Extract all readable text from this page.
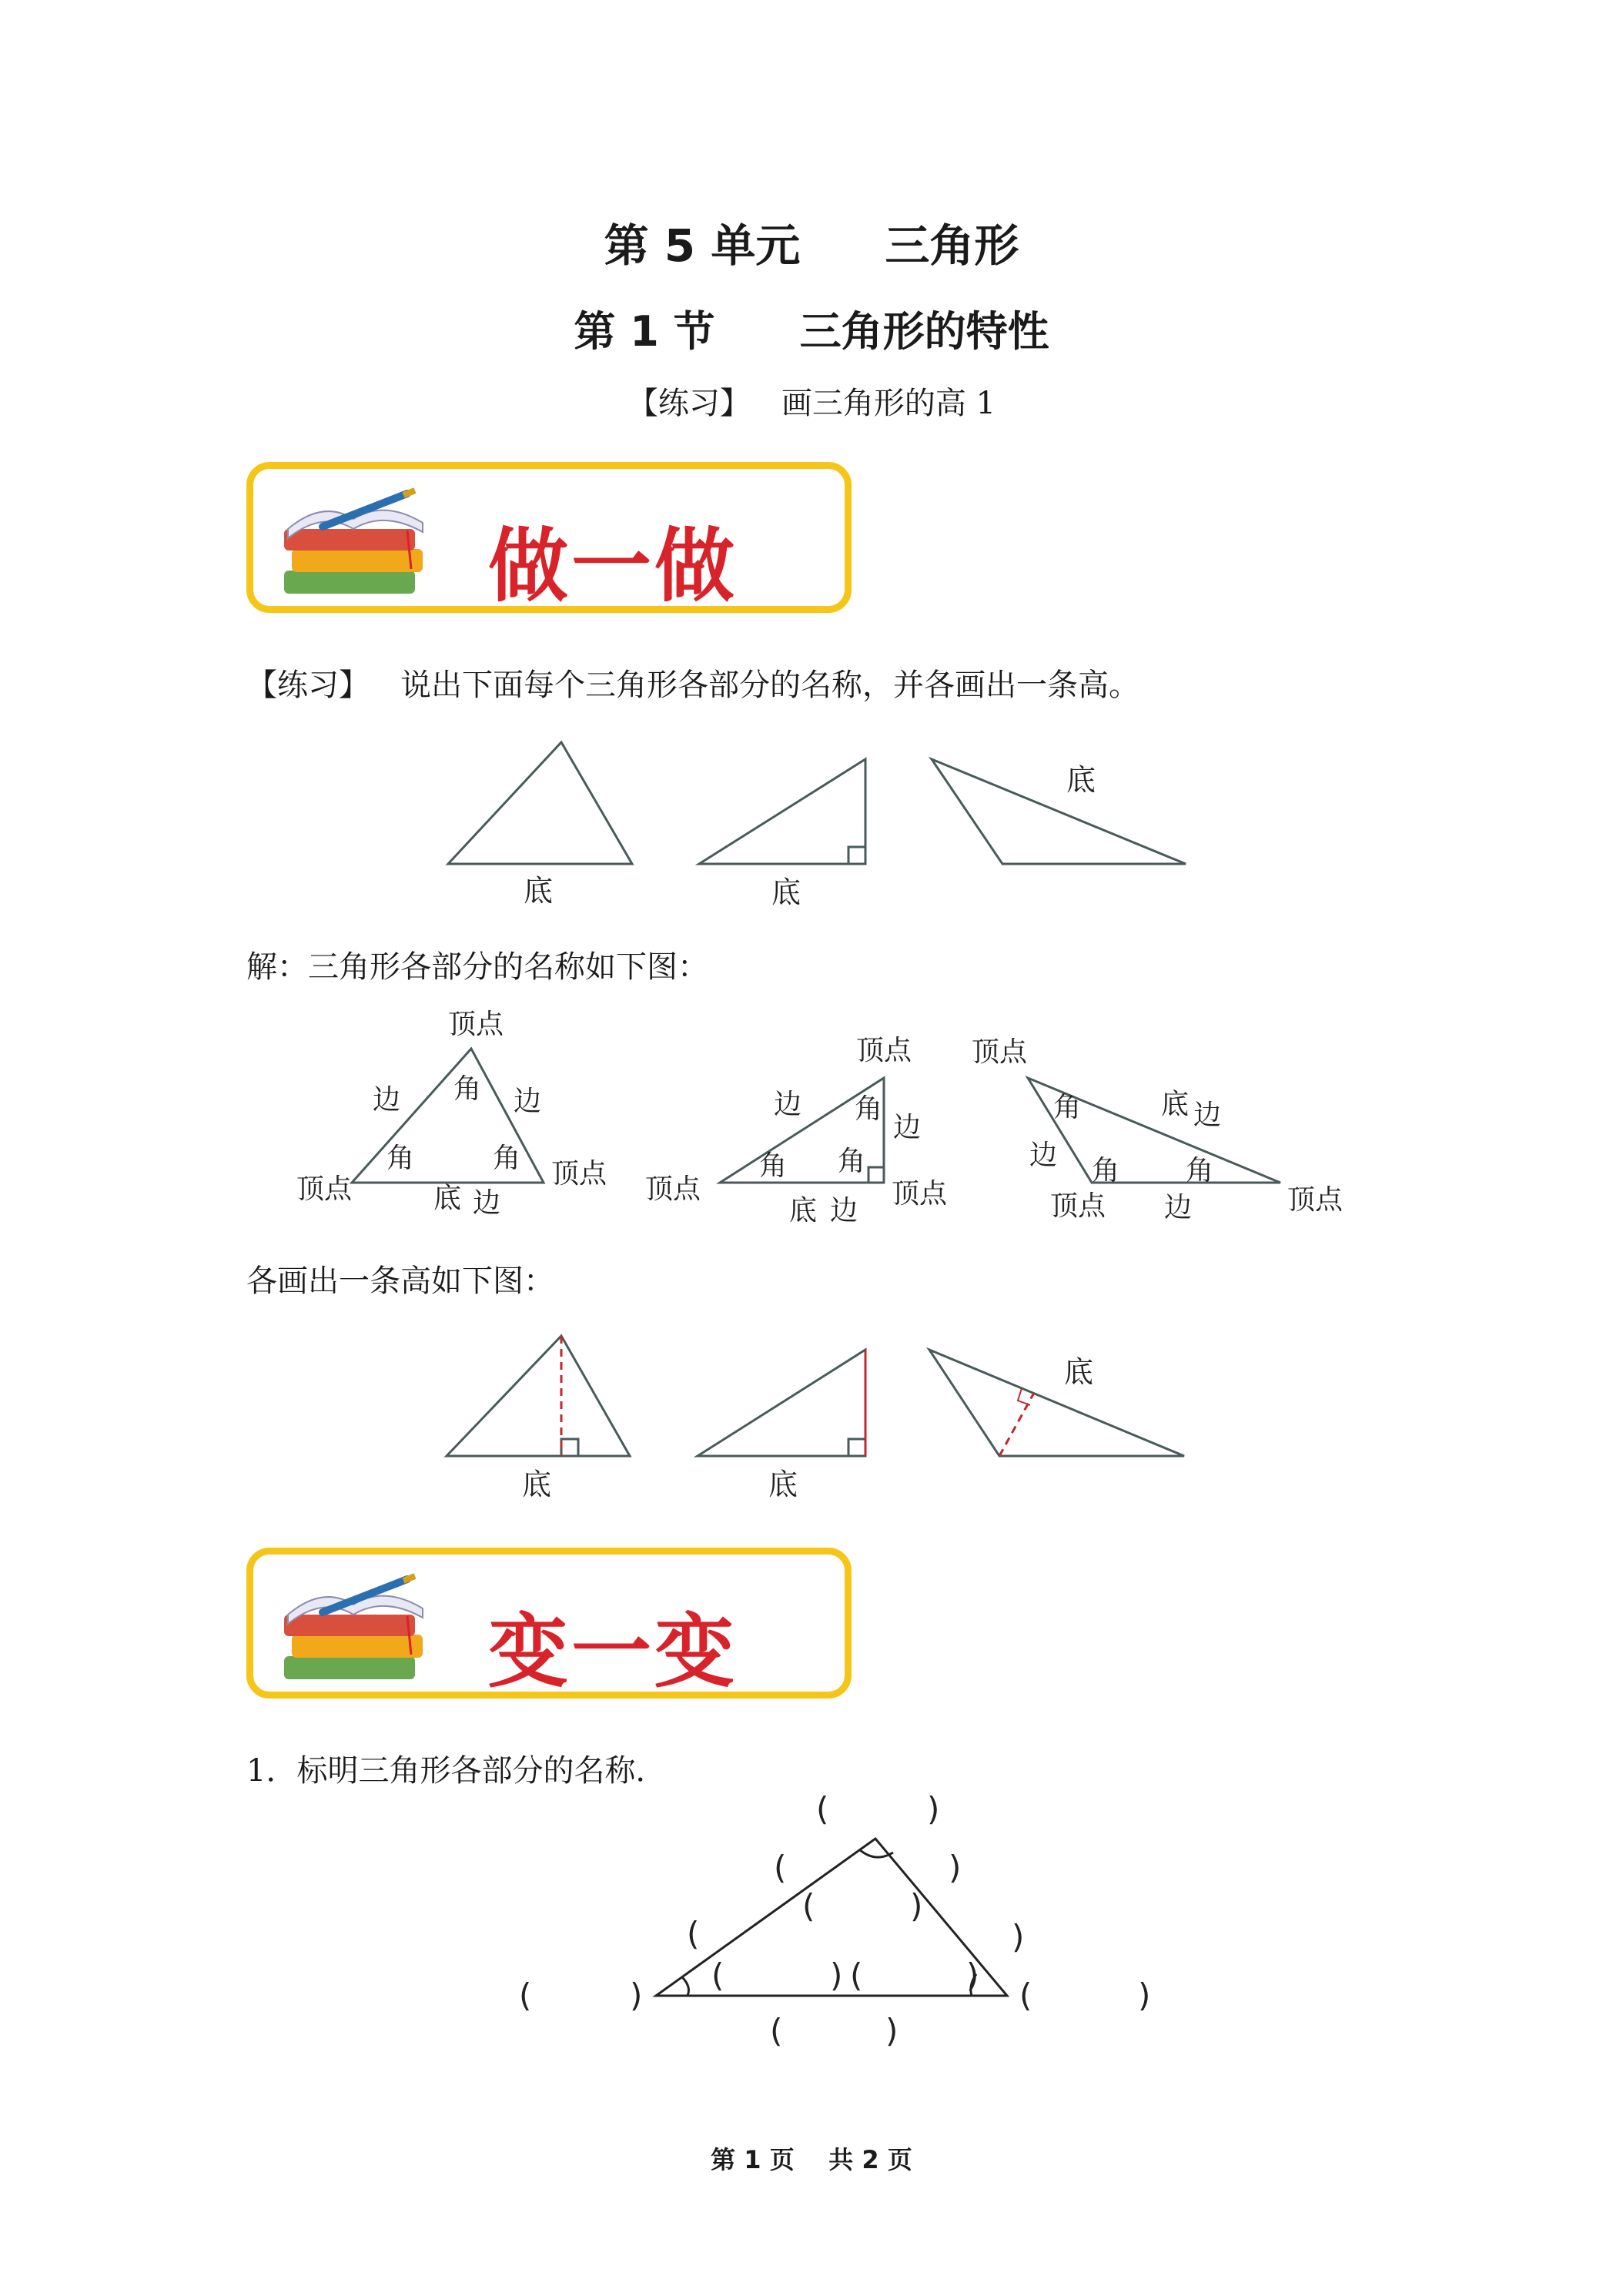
第 5 单元 三角形
第 1 节 三角形的特性
【练习】 画三角形的高 1
做一做
【练习】 说出下面每个三角形各部分的名称，并各画出一条高。
底	底
底
解：三角形各部分的名称如下图：
顶点
角
边	边
角	角
顶点	顶点
底 边
顶点
边 角
边
角 角
顶点	顶点
底 边
顶点
角	底 边
边 角 角
顶点 边	顶点
各画出一条高如下图：
底	底
底
变一变
1．标明三角形各部分的名称．
(	)
(	)
(	)
(	)
(	) (	)
(	)	(	)
(	)
第 1 页    共 2 页
